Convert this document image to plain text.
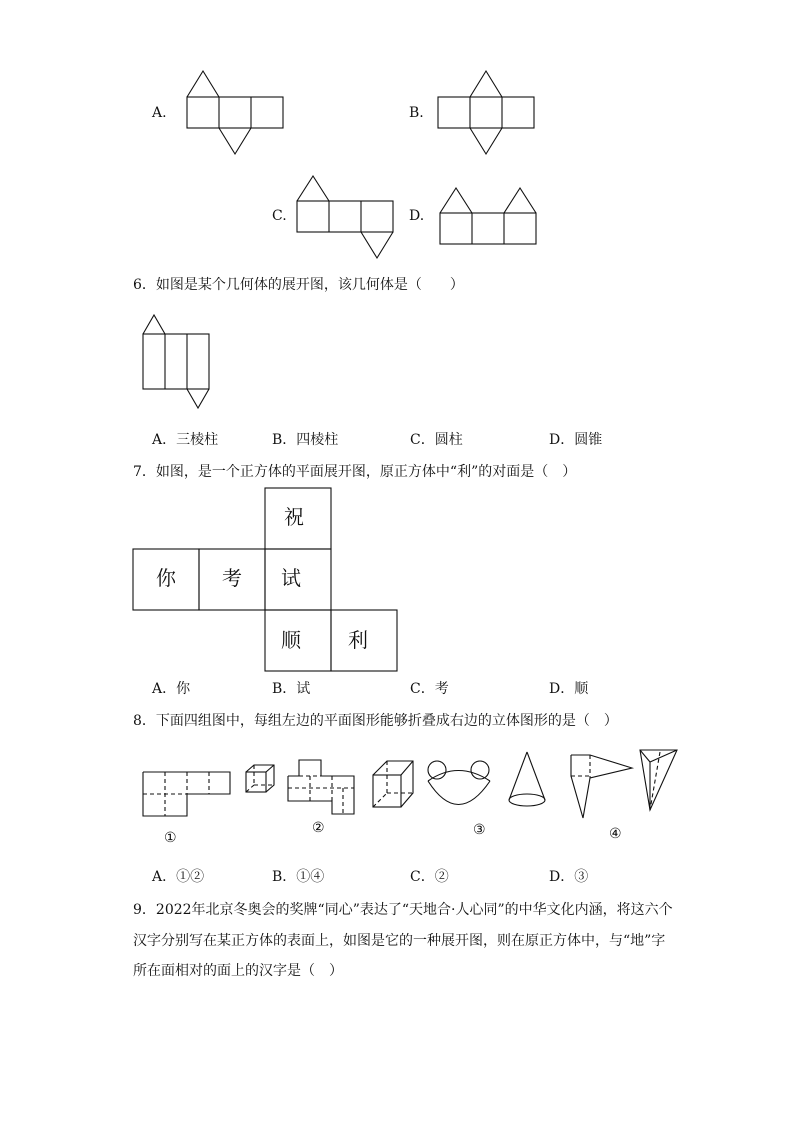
A.	B.
C.	D.
6．如图是某个几何体的展开图，该几何体是（　　）
A．三棱柱	B．四棱柱	C．圆柱	D．圆锥
7．如图，是一个正方体的平面展开图，原正方体中“利”的对面是（　）
祝
你	考	试
顺	利
A．你	B．试	C．考	D．顺
8．下面四组图中，每组左边的平面图形能够折叠成右边的立体图形的是（　）
①
②	③	④
A．①②	B．①④	C．②	D．③
9．2022年北京冬奥会的奖牌“同心”表达了“天地合·人心同”的中华文化内涵，将这六个
汉字分别写在某正方体的表面上，如图是它的一种展开图，则在原正方体中，与“地”字
所在面相对的面上的汉字是（　）
